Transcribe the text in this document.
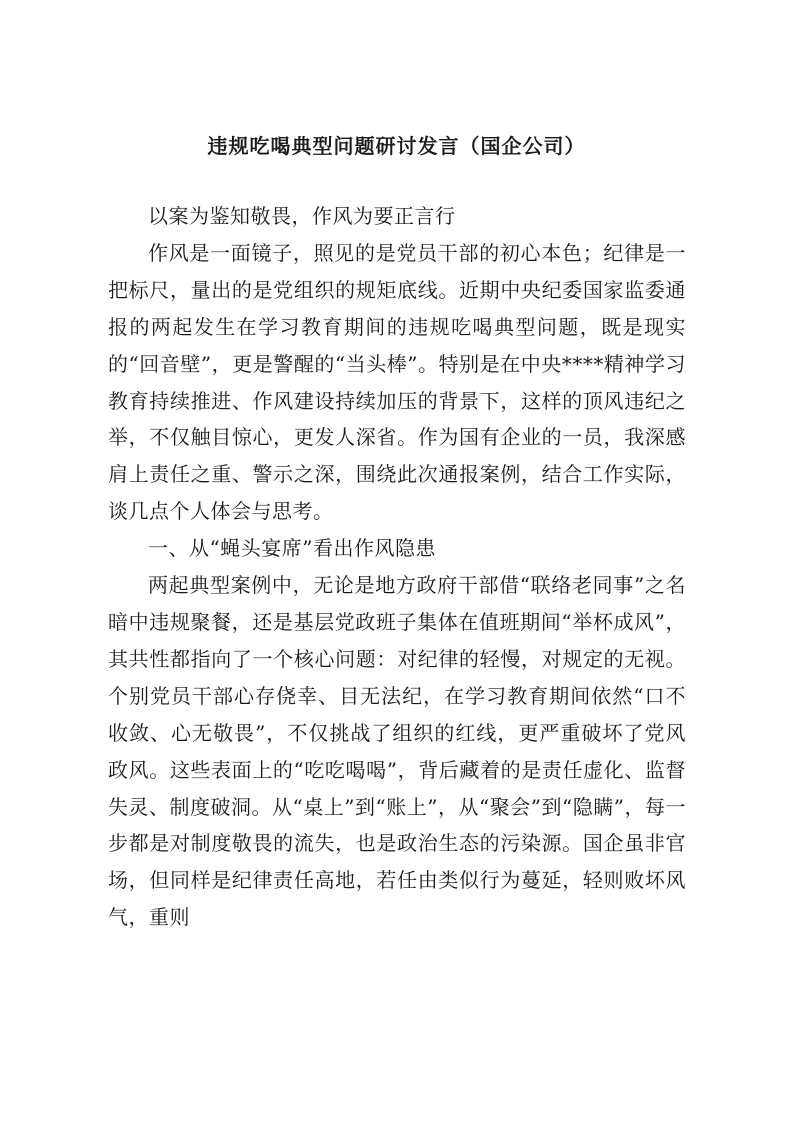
违规吃喝典型问题研讨发言（国企公司）

以案为鉴知敬畏，作风为要正言行

作风是一面镜子，照见的是党员干部的初心本色；纪律是一把标尺，量出的是党组织的规矩底线。近期中央纪委国家监委通报的两起发生在学习教育期间的违规吃喝典型问题，既是现实的“回音壁”，更是警醒的“当头棒”。特别是在中央****精神学习教育持续推进、作风建设持续加压的背景下，这样的顶风违纪之举，不仅触目惊心，更发人深省。作为国有企业的一员，我深感肩上责任之重、警示之深，围绕此次通报案例，结合工作实际，谈几点个人体会与思考。

一、从“蝇头宴席”看出作风隐患

两起典型案例中，无论是地方政府干部借“联络老同事”之名暗中违规聚餐，还是基层党政班子集体在值班期间“举杯成风”，其共性都指向了一个核心问题：对纪律的轻慢，对规定的无视。个别党员干部心存侥幸、目无法纪，在学习教育期间依然“口不收敛、心无敬畏”，不仅挑战了组织的红线，更严重破坏了党风政风。这些表面上的“吃吃喝喝”，背后藏着的是责任虚化、监督失灵、制度破洞。从“桌上”到“账上”，从“聚会”到“隐瞒”，每一步都是对制度敬畏的流失，也是政治生态的污染源。国企虽非官场，但同样是纪律责任高地，若任由类似行为蔓延，轻则败坏风气，重则
